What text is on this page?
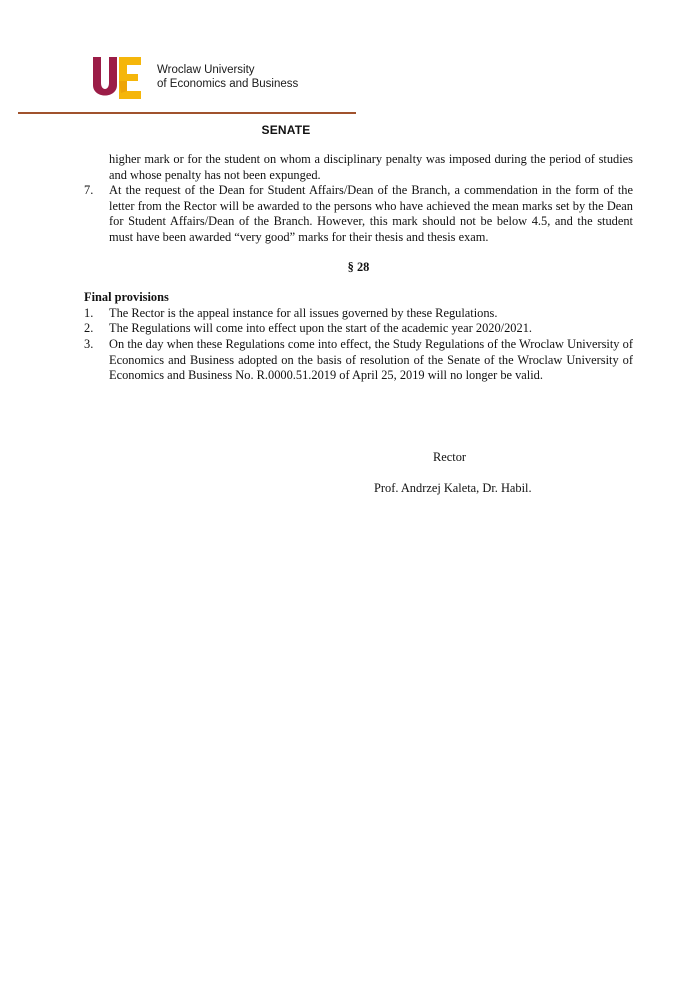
Wroclaw University
of Economics and Business
SENATE

higher mark or for the student on whom a disciplinary penalty was imposed during the period of studies and whose penalty has not been expunged.

7.	At the request of the Dean for Student Affairs/Dean of the Branch, a commendation in the form of the letter from the Rector will be awarded to the persons who have achieved the mean marks set by the Dean for Student Affairs/Dean of the Branch. However, this mark should not be below 4.5, and the student must have been awarded “very good” marks for their thesis and thesis exam.
§ 28

Final provisions

1.	The Rector is the appeal instance for all issues governed by these Regulations.
2.	The Regulations will come into effect upon the start of the academic year 2020/2021.
3.	On the day when these Regulations come into effect, the Study Regulations of the Wroclaw University of Economics and Business adopted on the basis of resolution of the Senate of the Wroclaw University of Economics and Business No. R.0000.51.2019 of April 25, 2019 will no longer be valid.
Rector
Prof. Andrzej Kaleta, Dr. Habil.
